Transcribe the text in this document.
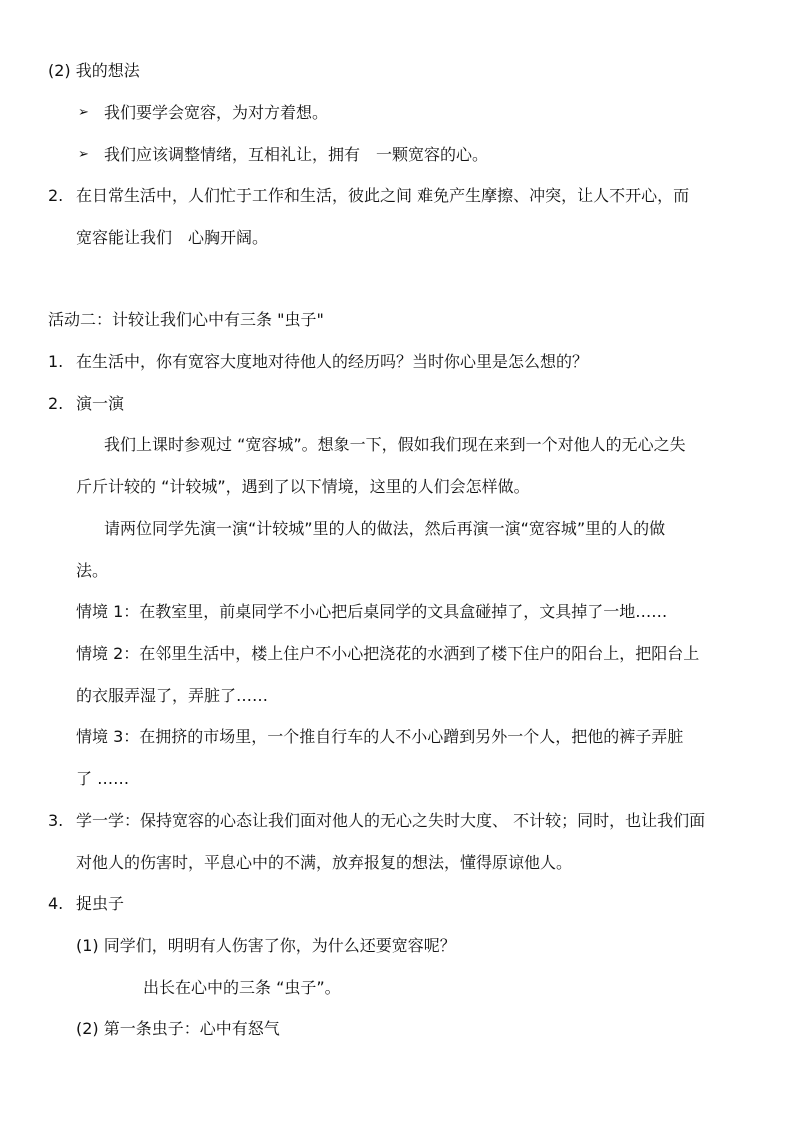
(2) 我的想法
➢ 我们要学会宽容，为对方着想。
➢ 我们应该调整情绪，互相礼让，拥有　一颗宽容的心。
2. 在日常生活中，人们忙于工作和生活，彼此之间 难免产生摩擦、冲突，让人不开心，而
宽容能让我们　心胸开阔。
活动二：计较让我们心中有三条 "虫子"
1. 在生活中，你有宽容大度地对待他人的经历吗？当时你心里是怎么想的？
2. 演一演
我们上课时参观过 “宽容城”。想象一下，假如我们现在来到一个对他人的无心之失
斤斤计较的 “计较城”，遇到了以下情境，这里的人们会怎样做。
请两位同学先演一演“计较城”里的人的做法，然后再演一演“宽容城”里的人的做
法。
情境 1：在教室里，前桌同学不小心把后桌同学的文具盒碰掉了，文具掉了一地……
情境 2：在邻里生活中，楼上住户不小心把浇花的水洒到了楼下住户的阳台上，把阳台上
的衣服弄湿了，弄脏了……
情境 3：在拥挤的市场里，一个推自行车的人不小心蹭到另外一个人，把他的裤子弄脏
了 ……
3. 学一学：保持宽容的心态让我们面对他人的无心之失时大度、 不计较；同时，也让我们面
对他人的伤害时，平息心中的不满，放弃报复的想法，懂得原谅他人。
4. 捉虫子
(1) 同学们，明明有人伤害了你，为什么还要宽容呢？
出长在心中的三条 “虫子”。
(2) 第一条虫子：心中有怒气
